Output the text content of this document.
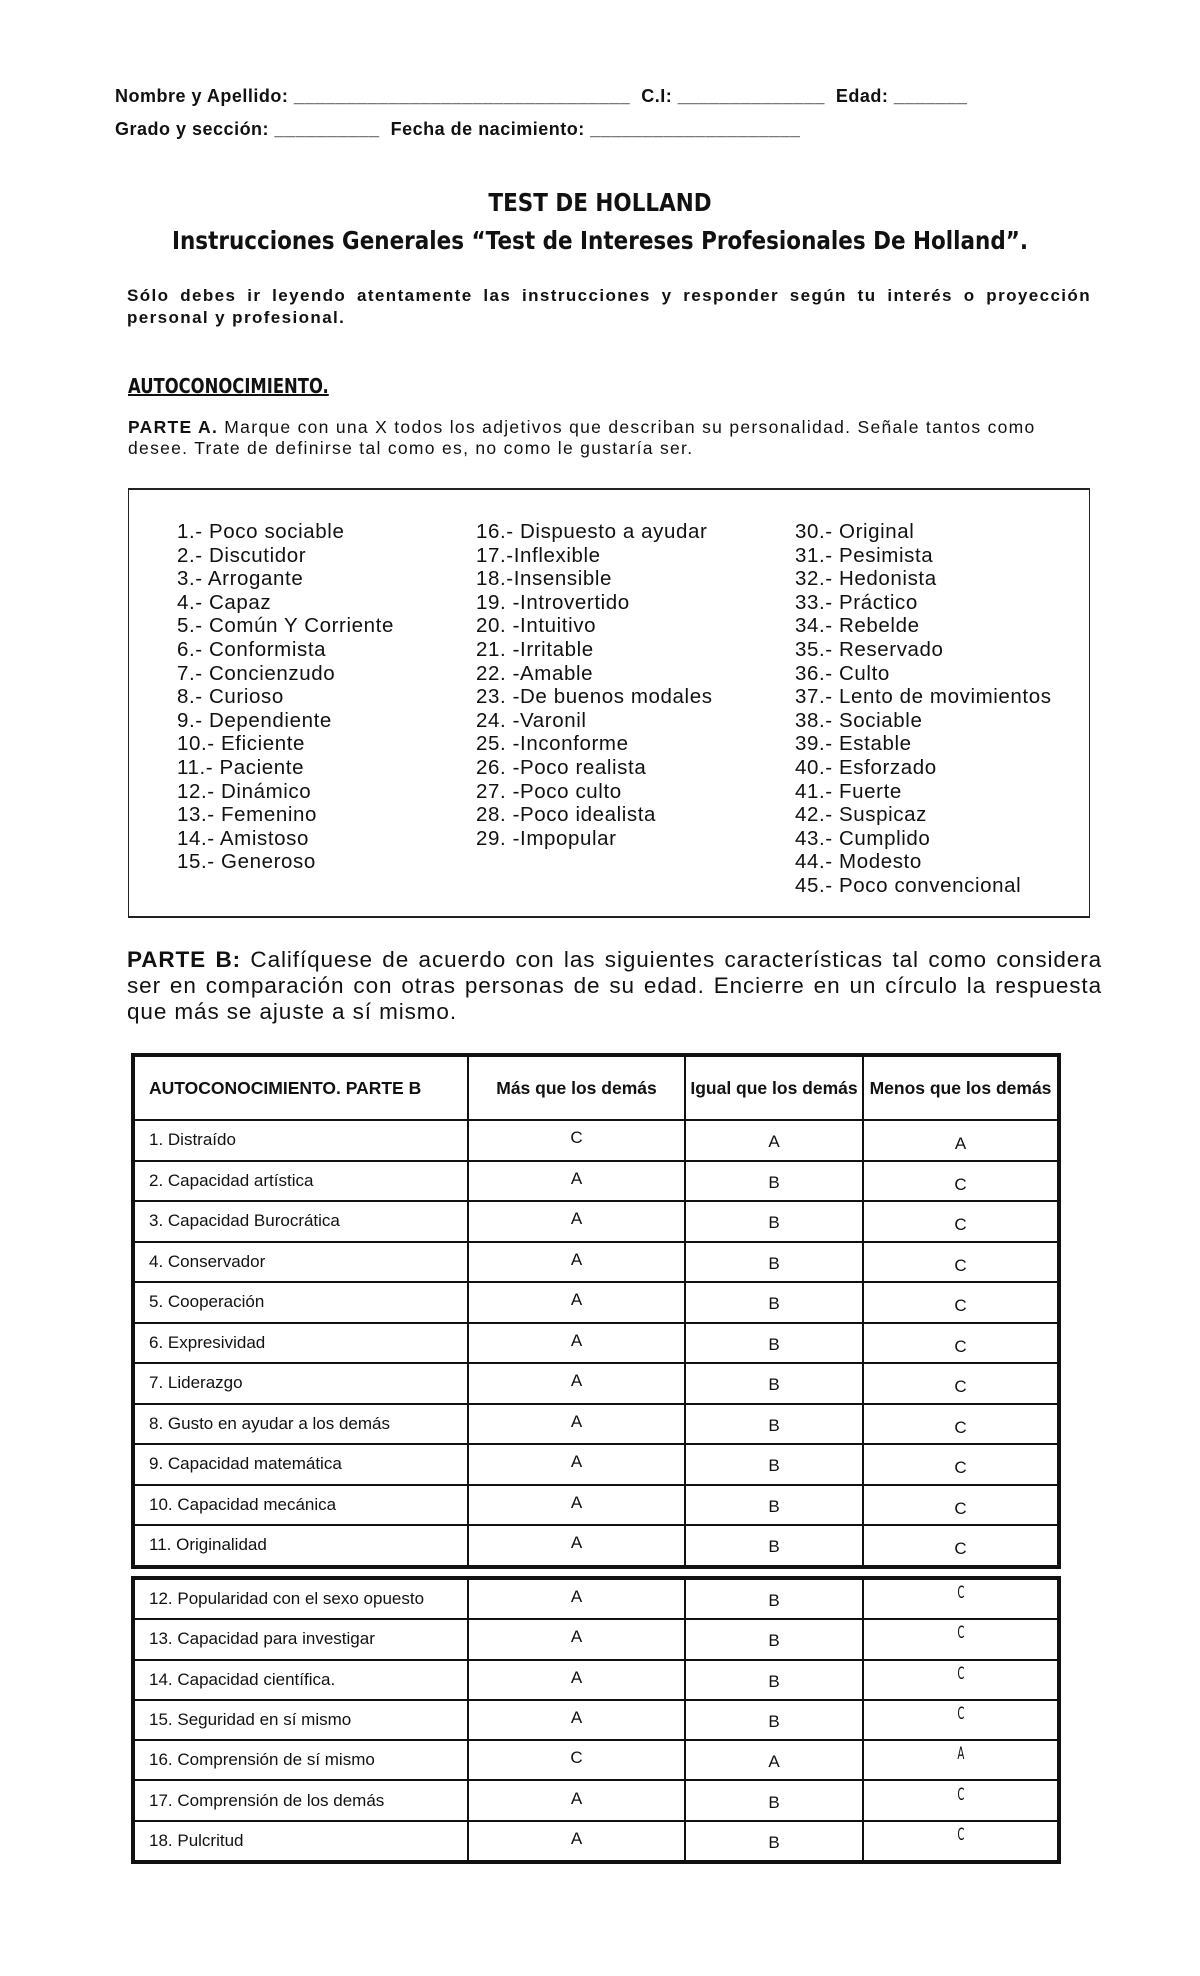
Nombre y Apellido: ________________________________  C.I: ______________  Edad: _______
Grado y sección: __________  Fecha de nacimiento: ____________________
TEST DE HOLLAND
Instrucciones Generales “Test de Intereses Profesionales De Holland”.
Sólo debes ir leyendo atentamente las instrucciones y responder según tu interés o proyección personal y profesional.
AUTOCONOCIMIENTO.
PARTE A. Marque con una X todos los adjetivos que describan su personalidad. Señale tantos como desee. Trate de definirse tal como es, no como le gustaría ser.
1.- Poco sociable
2.- Discutidor
3.- Arrogante
4.- Capaz
5.- Común Y Corriente
6.- Conformista
7.- Concienzudo
8.- Curioso
9.- Dependiente
10.- Eficiente
11.- Paciente
12.- Dinámico
13.- Femenino
14.- Amistoso
15.- Generoso
16.- Dispuesto a ayudar
17.-Inflexible
18.-Insensible
19. -Introvertido
20. -Intuitivo
21. -Irritable
22. -Amable
23. -De buenos modales
24. -Varonil
25. -Inconforme
26. -Poco realista
27. -Poco culto
28. -Poco idealista
29. -Impopular
30.- Original
31.- Pesimista
32.- Hedonista
33.- Práctico
34.- Rebelde
35.- Reservado
36.- Culto
37.- Lento de movimientos
38.- Sociable
39.- Estable
40.- Esforzado
41.- Fuerte
42.- Suspicaz
43.- Cumplido
44.- Modesto
45.- Poco convencional
PARTE B: Califíquese de acuerdo con las siguientes características tal como considera ser en comparación con otras personas de su edad. Encierre en un círculo la respuesta que más se ajuste a sí mismo.
AUTOCONOCIMIENTO. PARTE B	Más que los demás	Igual que los demás	Menos que los demás
1. Distraído	C	A	A
2. Capacidad artística	A	B	C
3. Capacidad Burocrática	A	B	C
4. Conservador	A	B	C
5. Cooperación	A	B	C
6. Expresividad	A	B	C
7. Liderazgo	A	B	C
8. Gusto en ayudar a los demás	A	B	C
9. Capacidad matemática	A	B	C
10. Capacidad mecánica	A	B	C
11. Originalidad	A	B	C
12. Popularidad con el sexo opuesto	A	B	C
13. Capacidad para investigar	A	B	C
14. Capacidad científica.	A	B	C
15. Seguridad en sí mismo	A	B	C
16. Comprensión de sí mismo	C	A	A
17. Comprensión de los demás	A	B	C
18. Pulcritud	A	B	C
